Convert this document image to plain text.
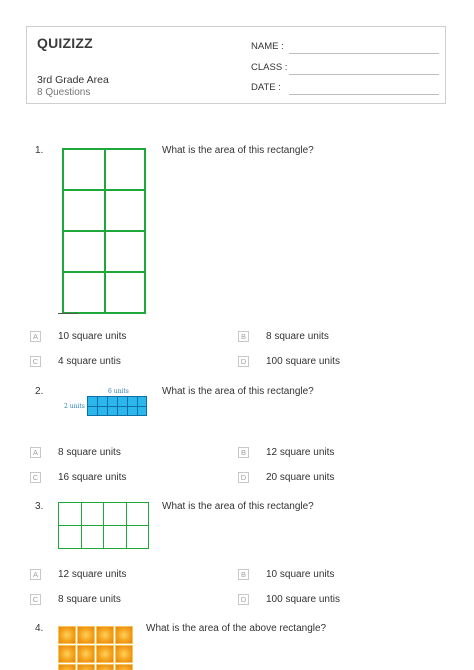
QUIZIZZ
3rd Grade Area
8 Questions
NAME :
CLASS :
DATE :
1.	What is the area of this rectangle?
A	10 square units	B	8 square units
C 4 square untis	D 100 square units
2.	What is the area of this rectangle?
6 units
2 units
A	8 square units	B	12 square units
C 16 square units	D 20 square units
3.	What is the area of this rectangle?
A	12 square units	B	10 square units
C 8 square units	D 100 square untis
4.	What is the area of the above rectangle?
